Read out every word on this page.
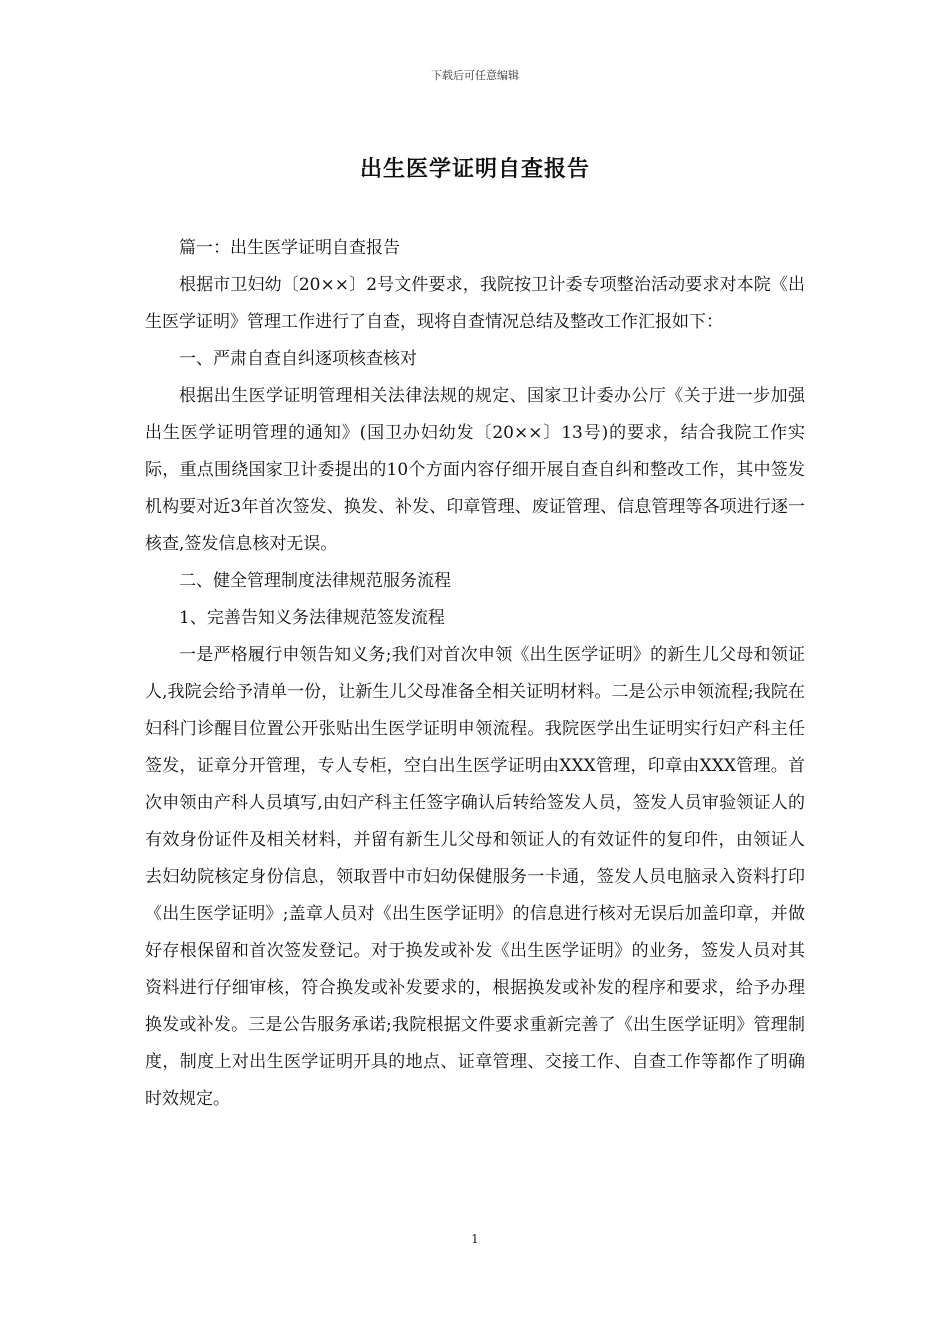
下载后可任意编辑
出生医学证明自查报告

篇一：出生医学证明自查报告

根据市卫妇幼〔20××〕2号文件要求，我院按卫计委专项整治活动要求对本院《出生医学证明》管理工作进行了自查，现将自查情况总结及整改工作汇报如下：

一、严肃自查自纠逐项核查核对

根据出生医学证明管理相关法律法规的规定、国家卫计委办公厅《关于进一步加强出生医学证明管理的通知》(国卫办妇幼发〔20××〕13号)的要求，结合我院工作实际，重点围绕国家卫计委提出的10个方面内容仔细开展自查自纠和整改工作，其中签发机构要对近3年首次签发、换发、补发、印章管理、废证管理、信息管理等各项进行逐一核查,签发信息核对无误。

二、健全管理制度法律规范服务流程

1、完善告知义务法律规范签发流程

一是严格履行申领告知义务;我们对首次申领《出生医学证明》的新生儿父母和领证人,我院会给予清单一份，让新生儿父母准备全相关证明材料。二是公示申领流程;我院在妇科门诊醒目位置公开张贴出生医学证明申领流程。我院医学出生证明实行妇产科主任签发，证章分开管理，专人专柜，空白出生医学证明由XXX管理，印章由XXX管理。首次申领由产科人员填写,由妇产科主任签字确认后转给签发人员，签发人员审验领证人的有效身份证件及相关材料，并留有新生儿父母和领证人的有效证件的复印件，由领证人去妇幼院核定身份信息，领取晋中市妇幼保健服务一卡通，签发人员电脑录入资料打印《出生医学证明》;盖章人员对《出生医学证明》的信息进行核对无误后加盖印章，并做好存根保留和首次签发登记。对于换发或补发《出生医学证明》的业务，签发人员对其资料进行仔细审核，符合换发或补发要求的，根据换发或补发的程序和要求，给予办理换发或补发。三是公告服务承诺;我院根据文件要求重新完善了《出生医学证明》管理制度，制度上对出生医学证明开具的地点、证章管理、交接工作、自查工作等都作了明确时效规定。

1
